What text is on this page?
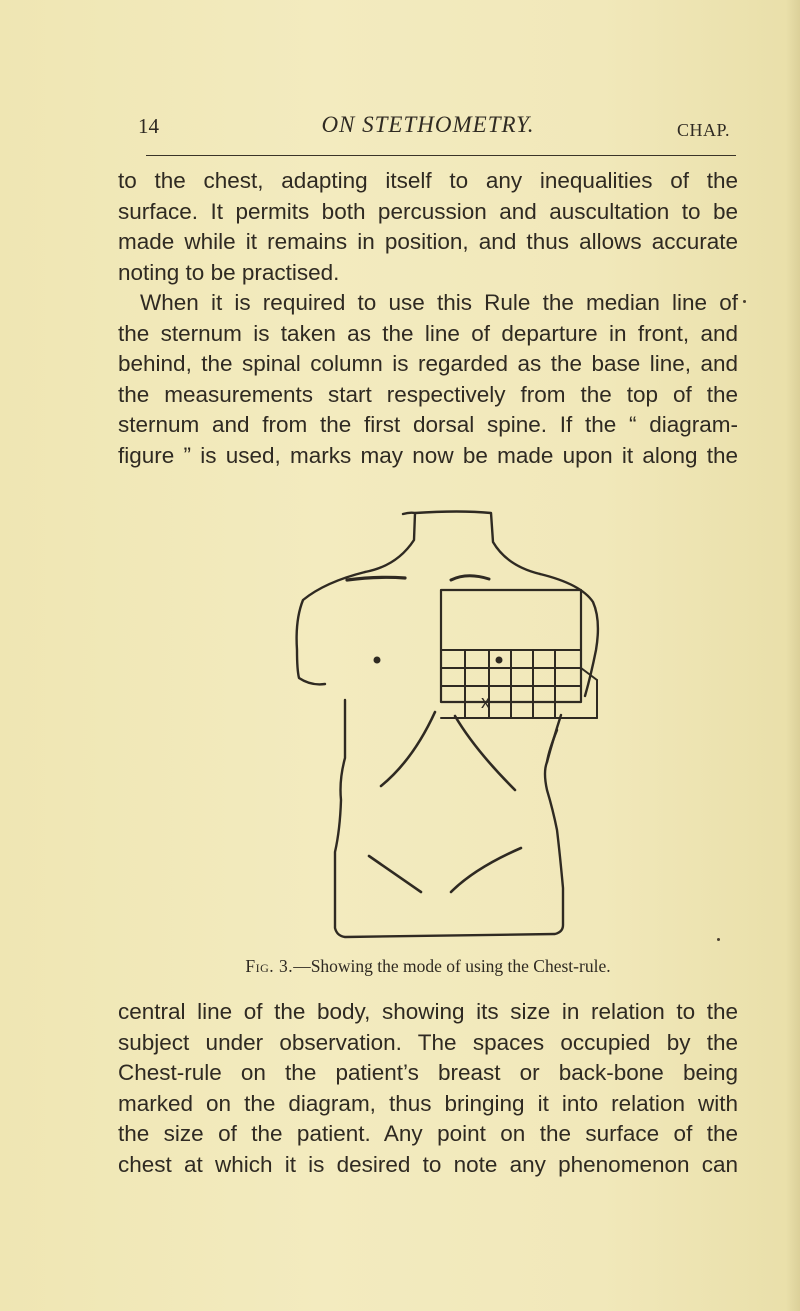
14	ON STETHOMETRY.	CHAP.

to the chest, adapting itself to any inequalities of the
surface. It permits both percussion and auscultation to be
made while it remains in position, and thus allows accurate
noting to be practised.

When it is required to use this Rule the median line of
the sternum is taken as the line of departure in front, and
behind, the spinal column is regarded as the base line, and
the measurements start respectively from the top of the
sternum and from the first dorsal spine. If the “ diagram-
figure ” is used, marks may now be made upon it along the

x
Fig. 3.—Showing the mode of using the Chest-rule.

central line of the body, showing its size in relation to the
subject under observation. The spaces occupied by the
Chest-rule on the patient’s breast or back-bone being
marked on the diagram, thus bringing it into relation with
the size of the patient. Any point on the surface of the
chest at which it is desired to note any phenomenon can
